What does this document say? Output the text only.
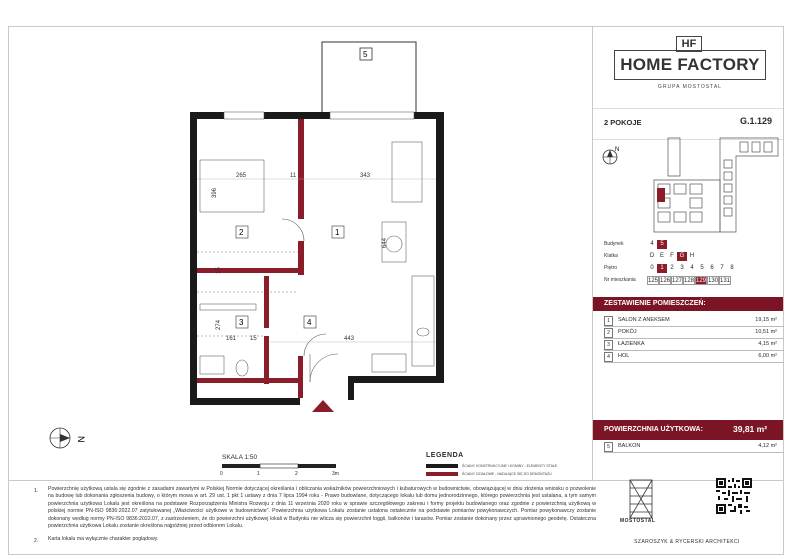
HF
HOME FACTORY
GRUPA MOSTOSTAL
2 POKOJE	G.1.129
N
Budynek	4	5
Klatka	D E	F G H
Piętro	0	1	2	3	4	5	6	7	8
Nr mieszkania 125 126 127 128 129 130 131
ZESTAWIENIE POMIESZCZEŃ:
1	SALON Z ANEKSEM	19,15 m²
2	POKÓJ	10,51 m²
3	ŁAZIENKA	4,15 m²
4	HOL	6,00 m²
POWIERZCHNIA UŻYTKOWA:	39,81 m²
5	BALKON	4,12 m²
2	1
3	4
5
265	11	343
396
644
15
274
161 15	443
N
SKALA 1:50
0	1	2	3m
LEGENDA
ŚCIANY KONSTRUKCYJNE I KOMINY - ELEMENTY STAŁE
ŚCIANY DZIAŁOWE - NADAJĄCE SIĘ DO DEMONTAŻU
1. Powierzchnię użytkową ustala się zgodnie z zasadami zawartymi w Polskiej Normie dotyczącej określania i obliczania wskaźników powierzchniowych i kubaturowych w budownictwie, obowiązującej w dniu złożenia wniosku o pozwolenie na budowę lub dokonania zgłoszenia budowy, o którym mowa w art. 29 ust. 1 pkt 1 ustawy z dnia 7 lipca 1994 roku - Prawo budowlane, dotyczącego lokalu lub domu jednorodzinnego, którego powierzchnia jest ustalana, a tym samym powierzchnia użytkowa Lokalu jest określona na podstawie Rozporządzenia Ministra Rozwoju z dnia 11 września 2020 roku w sprawie szczegółowego zakresu i formy projektu budowlanego oraz zgodnie z powierzchnią użytkową w polskiej normie PN-ISO 9836:2022.07 zatytułowanej „Właściwości użytkowe w budownictwie". Powierzchnia użytkowa Lokalu zostanie ustalona ostatecznie na podstawie pomiarów powykonawczych. Pomiar powykonawczy zostanie dokonany według normy PN-ISO 9836:2022.07, z zastrzeżeniem, że do powierzchni użytkowej lokali w Budynku nie wlicza się powierzchni loggii, balkonów i tarasów. Pomiar zostanie dokonany przez uprawnionego geodetę. Ostateczna powierzchnia użytkowa Lokalu zostanie określona najpóźniej przed odbiorem Lokalu.
2. Karta lokalu ma wyłącznie charakter poglądowy.
MOSTOSTAL
SZAROSZYK & RYCERSKI ARCHITEKCI
